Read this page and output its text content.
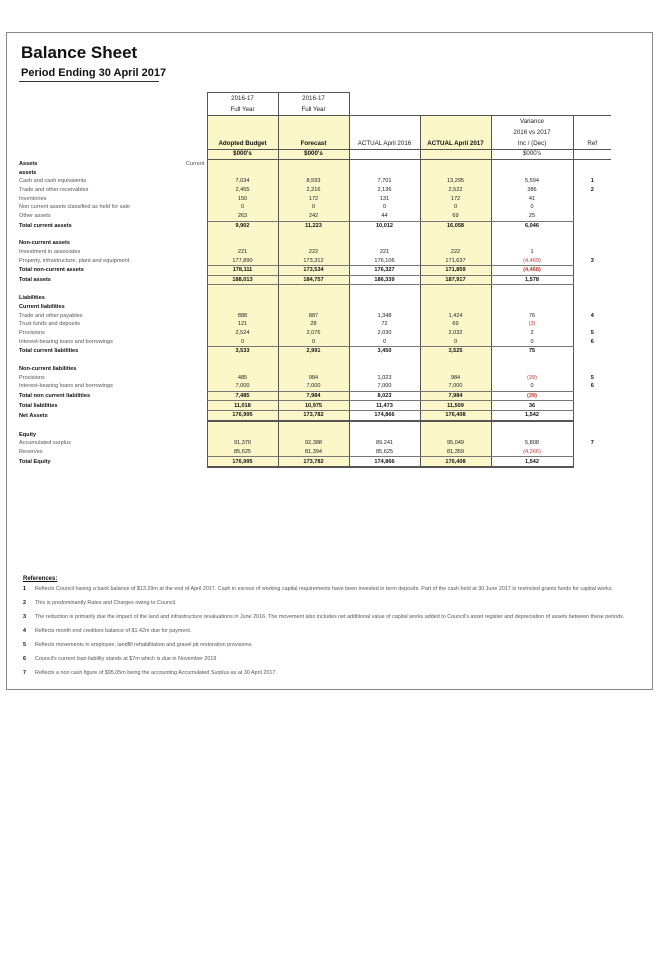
Balance Sheet
Period Ending 30 April 2017
	2016-17	2016-17				
	Full Year	Full Year				
					Variance	
					2016 vs 2017	
	Adopted Budget	Forecast	ACTUAL April 2016	ACTUAL April 2017	Inc / (Dec)	Ref
	$000's	$000's			$000's	
Assets Current						

assets						
Cash and cash equivalents	7,034	8,593	7,701	13,295	5,594	1
Trade and other receivables	2,455	2,216	2,136	2,522	386	2
Inventories	150	172	131	172	41	
Non current assets classified as held for sale	0	0	0	0	0	
Other assets	263	242	44	69	25	
Total current assets	9,902	11,223	10,012	16,058	6,046	

Non-current assets						
Investment in associates	221	222	221	222	1	
Property, infrastructure, plant and equipment	177,890	173,312	176,106	171,637	(4,469)	3
Total non-current assets	178,111	173,534	176,327	171,859	(4,468)	
Total assets	188,013	184,757	186,339	187,917	1,578	

Liabilities						
Current liabilities						
Trade and other payables	888	887	1,348	1,424	76	4
Trust funds and deposits	121	28	72	69	(3)	
Provisions	2,524	2,076	2,030	2,032	2	5
Interest-bearing loans and borrowings	0	0	0	0	0	6
Total current liabilities	3,533	2,991	3,450	3,525	75	

Non-current liabilities						
Provisions	485	984	1,023	984	(39)	5
Interest-bearing loans and borrowings	7,000	7,000	7,000	7,000	0	6
Total non current liabilities	7,485	7,984	8,023	7,984	(39)	
Total liabilities	11,018	10,975	11,473	11,509	36	
Net Assets	176,995	173,782	174,866	176,408	1,542	

Equity						
Accumulated surplus	91,370	92,388	89,241	95,049	5,808	7
Reserves	85,625	81,394	85,625	81,359	(4,266)	
Total Equity	176,995	173,782	174,866	176,408	1,542	
References:
1	Reflects Council having a bank balance of $13.29m at the end of April 2017. Cash in excess of working capital requirements have been invested in term deposits. Part of the cash held at 30 June 2017 is restricted grants funds for capital works.
2	This is predominantly Rates and Charges owing to Council.
3	The reduction is primarily due the impact of the land and infrastructure revaluations in June 2016. The movement also includes net additional value of capital works added to Council's asset register and depreciation of assets between these periods.
4	Reflects month end creditors balance of $1.42m due for payment.
5	Reflects movements in employee, landfill rehabilitation and gravel pit restoration provisions.
6	Council's current loan liability stands at $7m which is due in November 2019
7	Reflects a non cash figure of $95.05m being the accounting Accumulated Surplus as at 30 April 2017.
